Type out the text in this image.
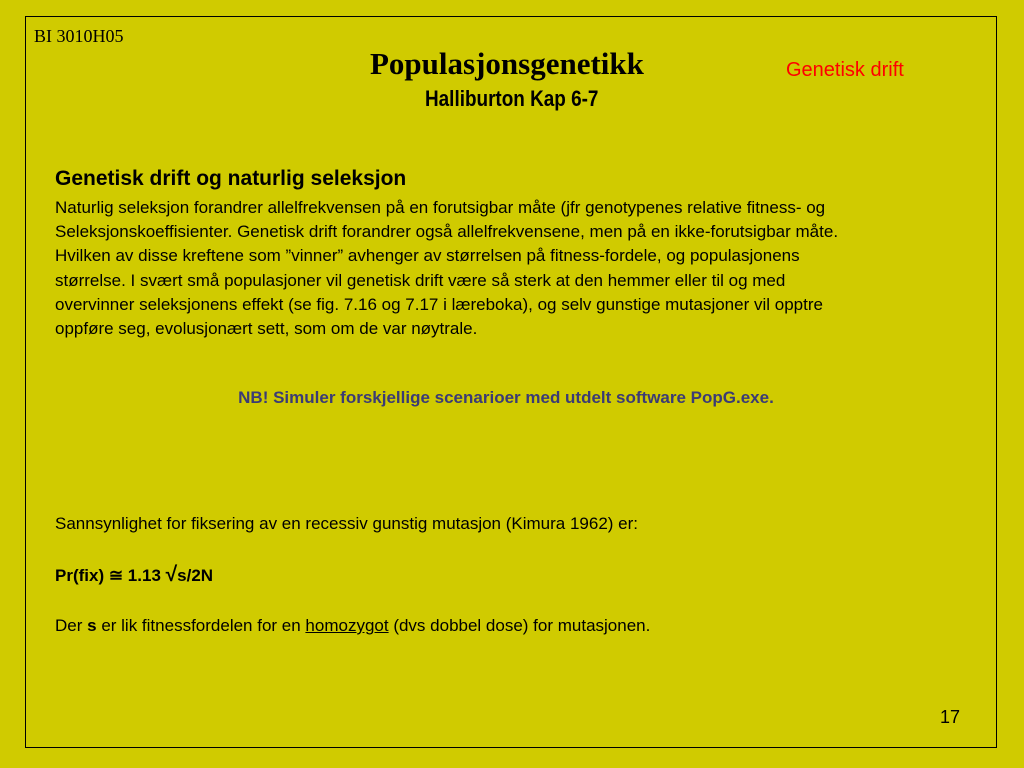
BI 3010H05
Populasjonsgenetikk
Halliburton Kap 6-7
Genetisk drift
Genetisk drift og naturlig seleksjon
Naturlig seleksjon forandrer allelfrekvensen på en forutsigbar måte (jfr genotypenes relative fitness- og
Seleksjonskoeffisienter. Genetisk drift forandrer også allelfrekvensene, men på en ikke-forutsigbar måte.
Hvilken av disse kreftene som ”vinner” avhenger av størrelsen på fitness-fordele, og populasjonens
størrelse. I svært små populasjoner vil genetisk drift være så sterk at den hemmer eller til og med
overvinner seleksjonens effekt (se fig. 7.16 og 7.17 i læreboka), og selv gunstige mutasjoner vil opptre
oppføre seg, evolusjonært sett, som om de var nøytrale.
NB! Simuler forskjellige scenarioer med utdelt software PopG.exe.
Sannsynlighet for fiksering av en recessiv gunstig mutasjon (Kimura 1962) er:
Pr(fix) ≅ 1.13 √s/2N
Der s er lik fitnessfordelen for en homozygot (dvs dobbel dose) for mutasjonen.
17
